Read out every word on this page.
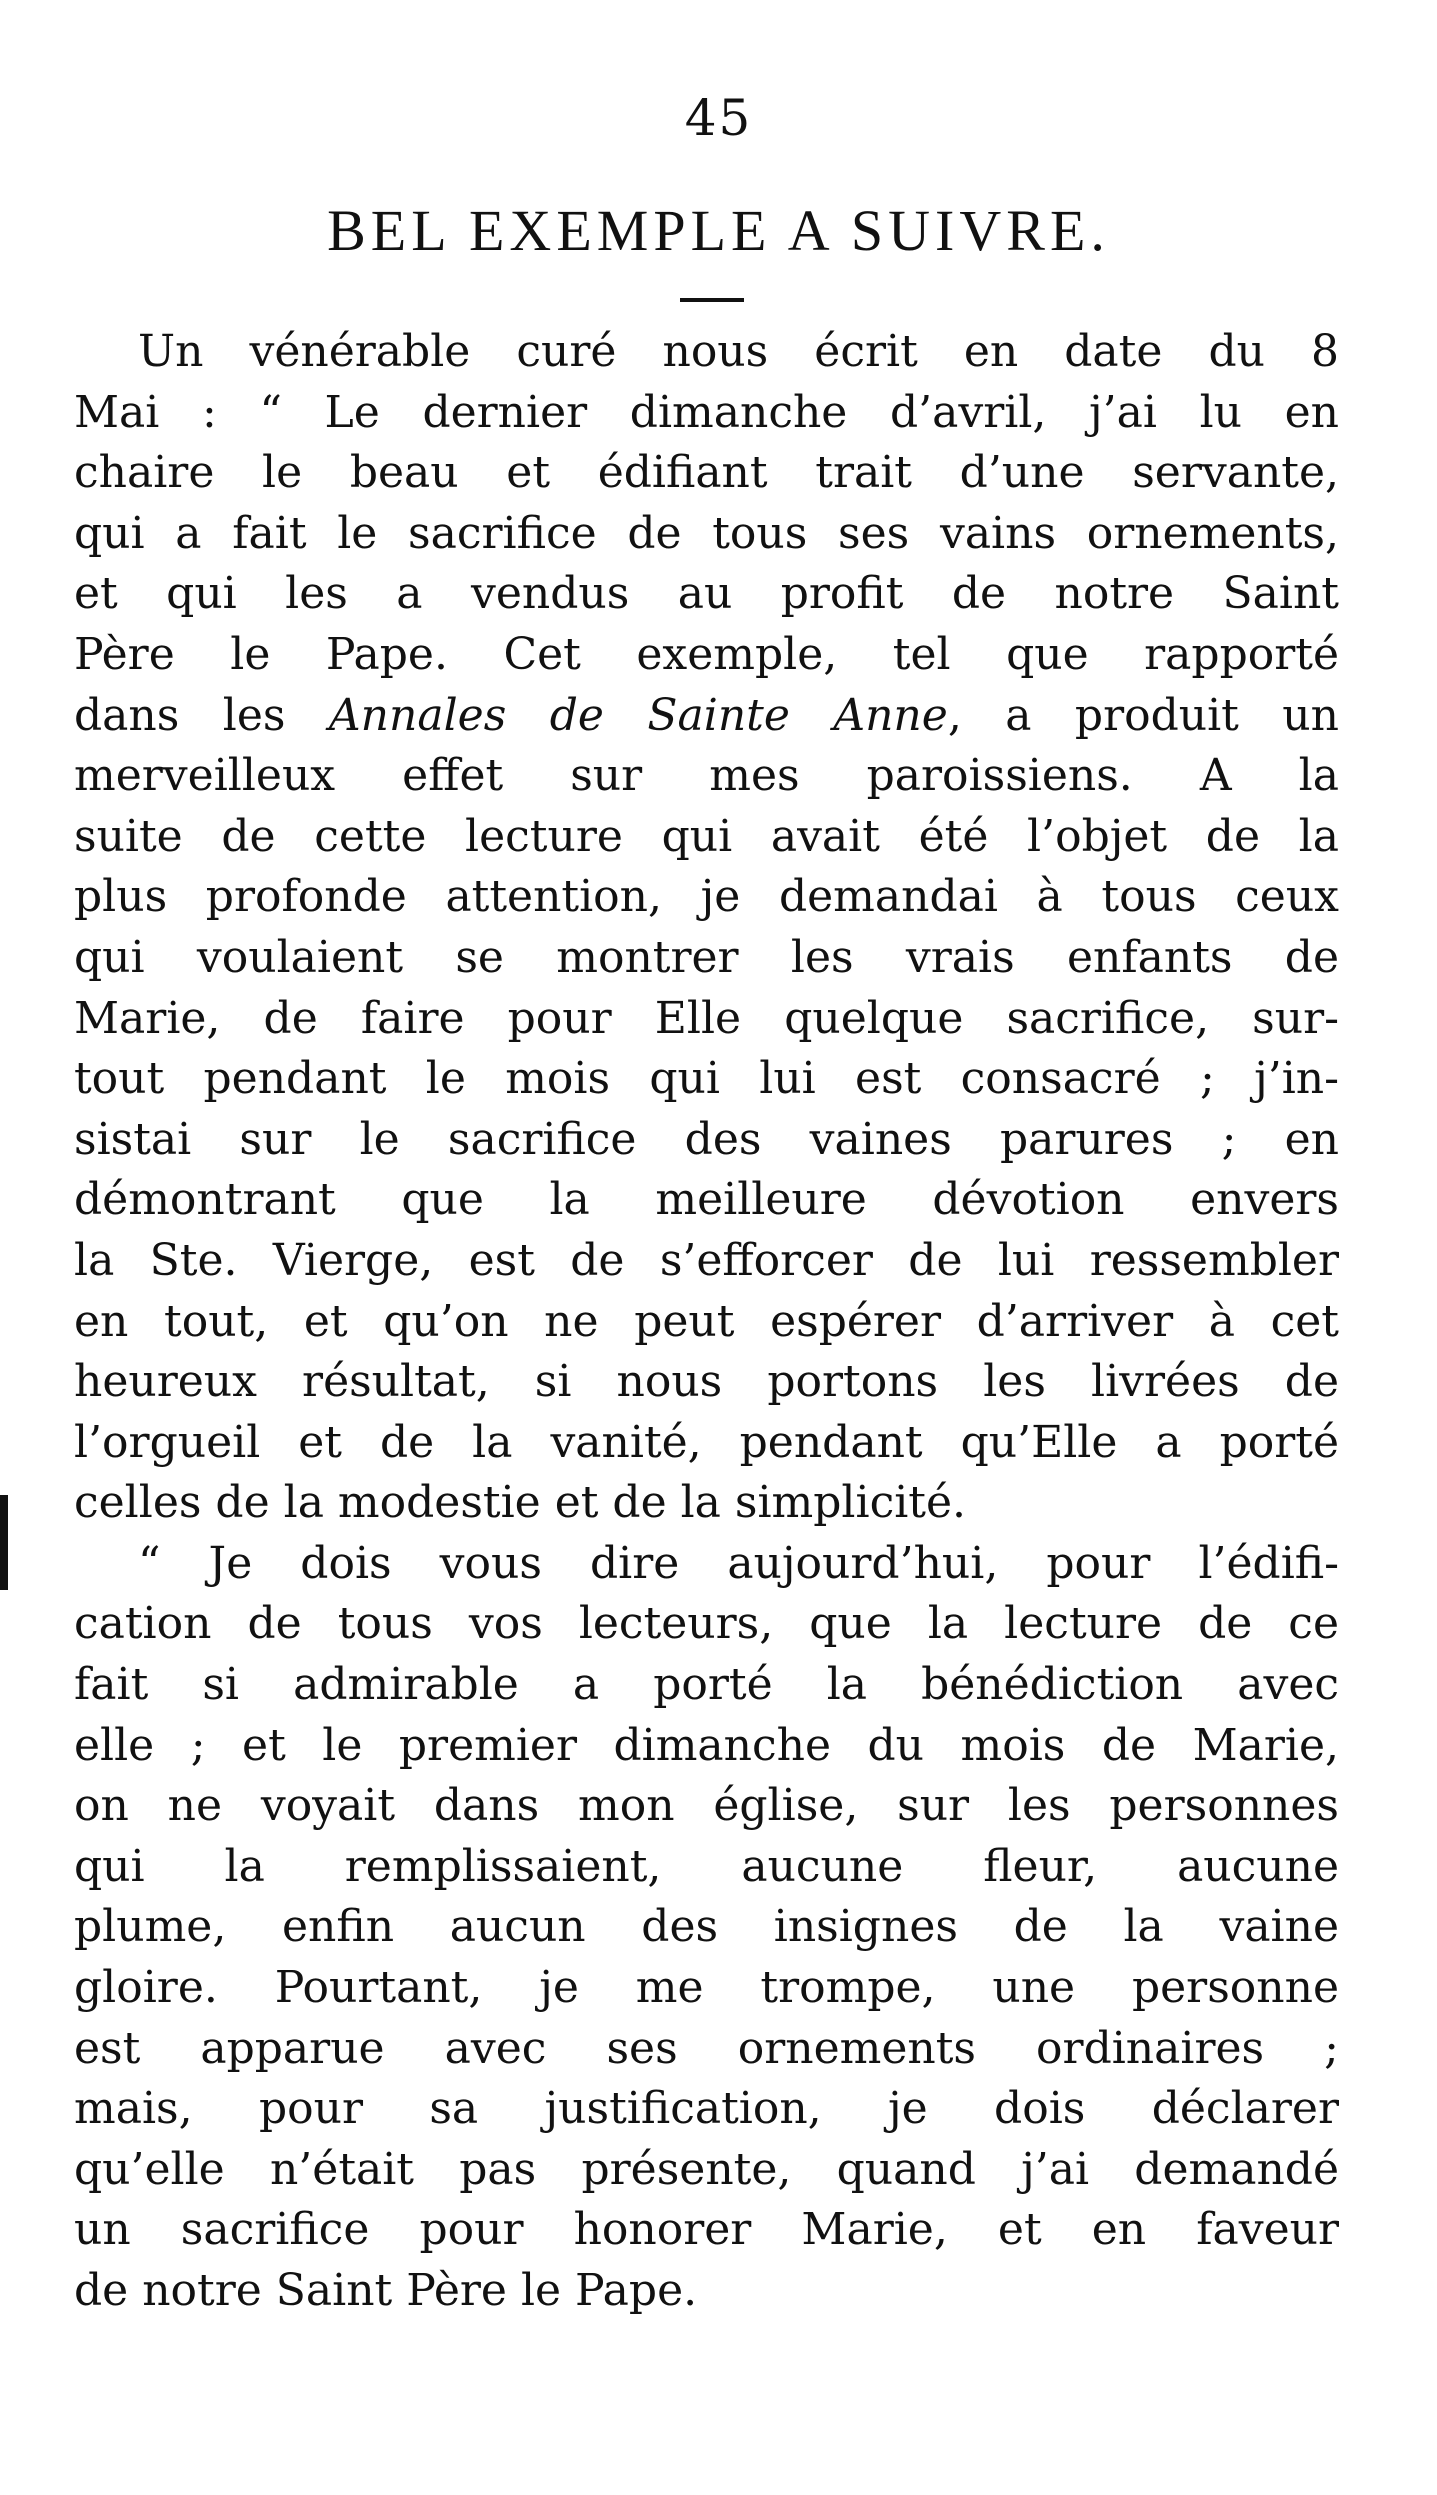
45
BEL EXEMPLE A SUIVRE.
Un vénérable curé nous écrit en date du 8
Mai : “ Le dernier dimanche d’avril, j’ai lu en
chaire le beau et édifiant trait d’une servante,
qui a fait le sacrifice de tous ses vains ornements,
et qui les a vendus au profit de notre Saint
Père le Pape. Cet exemple, tel que rapporté
dans les Annales de Sainte Anne, a produit un
merveilleux effet sur mes paroissiens. A la
suite de cette lecture qui avait été l’objet de la
plus profonde attention, je demandai à tous ceux
qui voulaient se montrer les vrais enfants de
Marie, de faire pour Elle quelque sacrifice, sur-
tout pendant le mois qui lui est consacré ; j’in-
sistai sur le sacrifice des vaines parures ; en
démontrant que la meilleure dévotion envers
la Ste. Vierge, est de s’efforcer de lui ressembler
en tout, et qu’on ne peut espérer d’arriver à cet
heureux résultat, si nous portons les livrées de
l’orgueil et de la vanité, pendant qu’Elle a porté
celles de la modestie et de la simplicité.
“ Je dois vous dire aujourd’hui, pour l’édifi-
cation de tous vos lecteurs, que la lecture de ce
fait si admirable a porté la bénédiction avec
elle ; et le premier dimanche du mois de Marie,
on ne voyait dans mon église, sur les personnes
qui la remplissaient, aucune fleur, aucune
plume, enfin aucun des insignes de la vaine
gloire. Pourtant, je me trompe, une personne
est apparue avec ses ornements ordinaires ;
mais, pour sa justification, je dois déclarer
qu’elle n’était pas présente, quand j’ai demandé
un sacrifice pour honorer Marie, et en faveur
de notre Saint Père le Pape.
